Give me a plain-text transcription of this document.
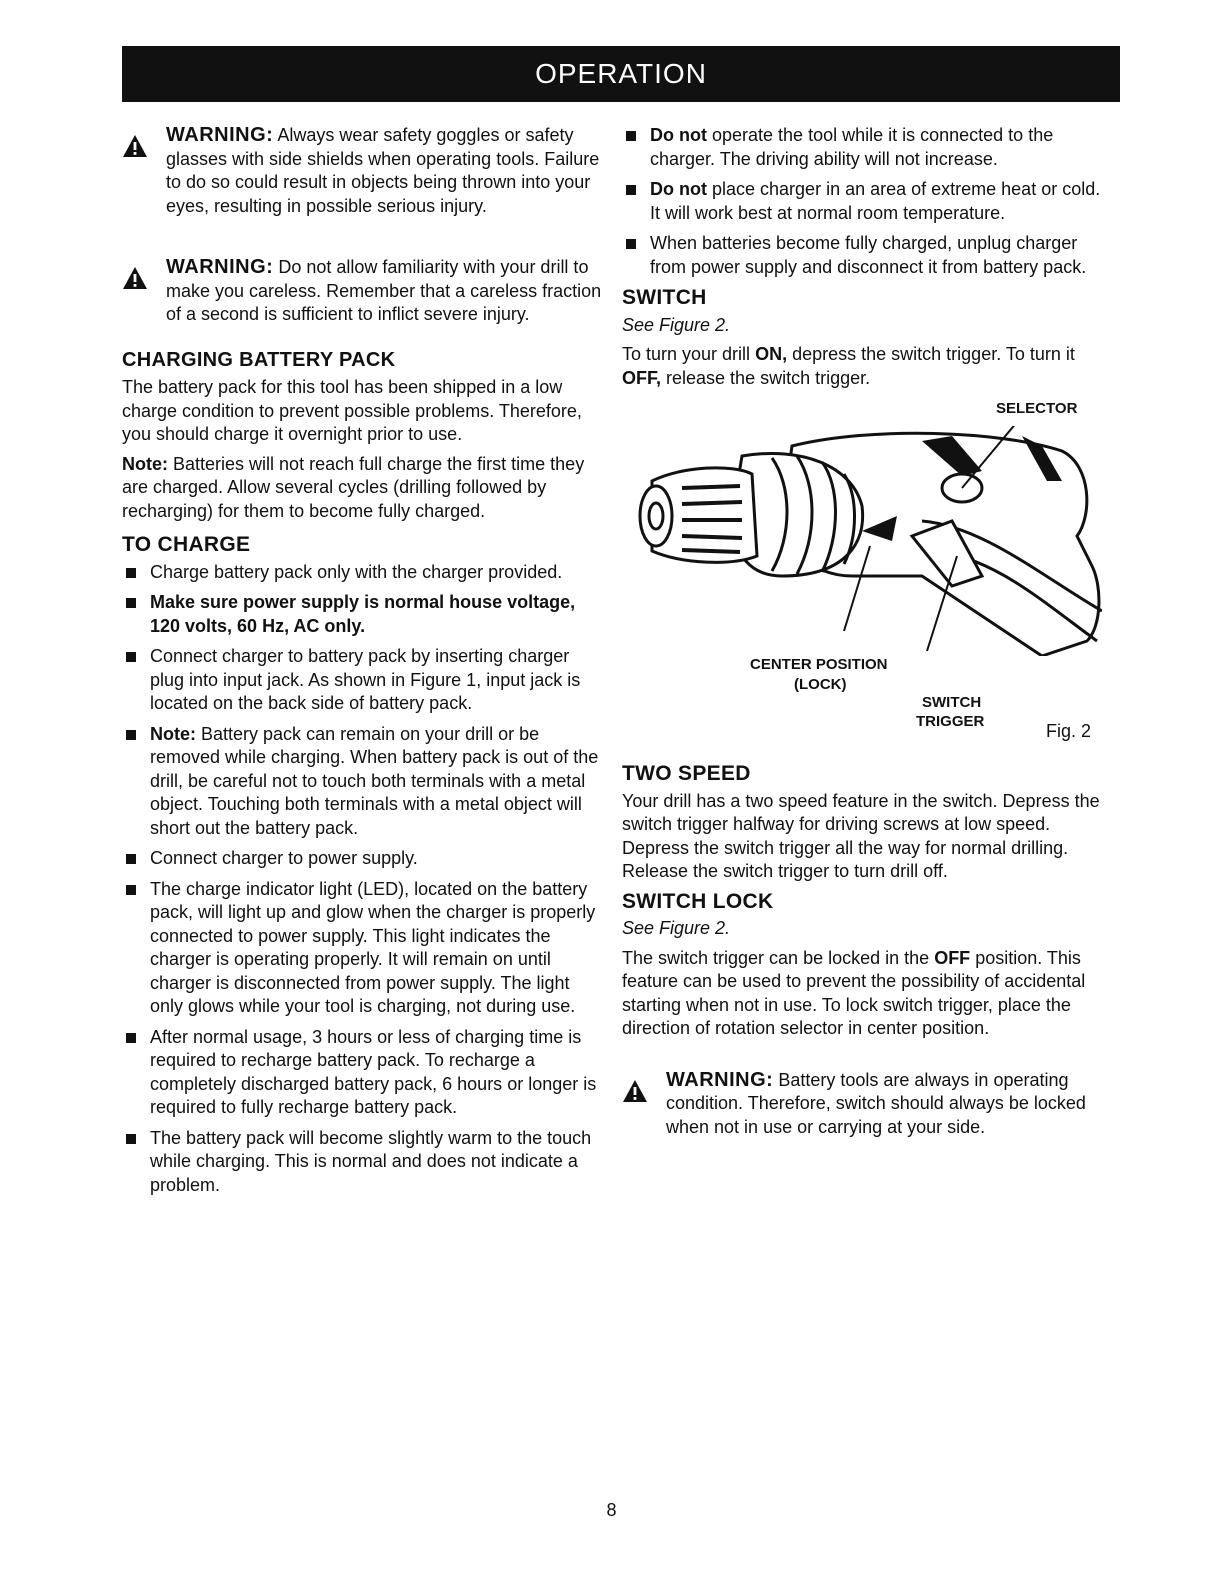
OPERATION

WARNING: Always wear safety goggles or safety glasses with side shields when operating tools. Failure to do so could result in objects being thrown into your eyes, resulting in possible serious injury.

WARNING: Do not allow familiarity with your drill to make you careless. Remember that a careless fraction of a second is sufficient to inflict severe injury.

CHARGING BATTERY PACK

The battery pack for this tool has been shipped in a low charge condition to prevent possible problems. Therefore, you should charge it overnight prior to use.

Note: Batteries will not reach full charge the first time they are charged. Allow several cycles (drilling followed by recharging) for them to become fully charged.

TO CHARGE
Charge battery pack only with the charger provided.
Make sure power supply is normal house voltage, 120 volts, 60 Hz, AC only.
Connect charger to battery pack by inserting charger plug into input jack. As shown in Figure 1, input jack is located on the back side of battery pack.
Note: Battery pack can remain on your drill or be removed while charging. When battery pack is out of the drill, be careful not to touch both terminals with a metal object. Touching both terminals with a metal object will short out the battery pack.
Connect charger to power supply.
The charge indicator light (LED), located on the battery pack, will light up and glow when the charger is properly connected to power supply. This light indicates the charger is operating properly. It will remain on until charger is disconnected from power supply. The light only glows while your tool is charging, not during use.
After normal usage, 3 hours or less of charging time is required to recharge battery pack. To recharge a completely discharged battery pack, 6 hours or longer is required to fully recharge battery pack.
The battery pack will become slightly warm to the touch while charging. This is normal and does not indicate a problem.
Do not operate the tool while it is connected to the charger. The driving ability will not increase.
Do not place charger in an area of extreme heat or cold. It will work best at normal room temperature.
When batteries become fully charged, unplug charger from power supply and disconnect it from battery pack.
SWITCH

See Figure 2.

To turn your drill ON, depress the switch trigger. To turn it OFF, release the switch trigger.

SELECTOR
CENTER POSITION
(LOCK)
SWITCH
TRIGGER	Fig. 2
TWO SPEED

Your drill has a two speed feature in the switch. Depress the switch trigger halfway for driving screws at low speed. Depress the switch trigger all the way for normal drilling. Release the switch trigger to turn drill off.

SWITCH LOCK

See Figure 2.

The switch trigger can be locked in the OFF position. This feature can be used to prevent the possibility of accidental starting when not in use. To lock switch trigger, place the direction of rotation selector in center position.

WARNING: Battery tools are always in operating condition. Therefore, switch should always be locked when not in use or carrying at your side.

8
